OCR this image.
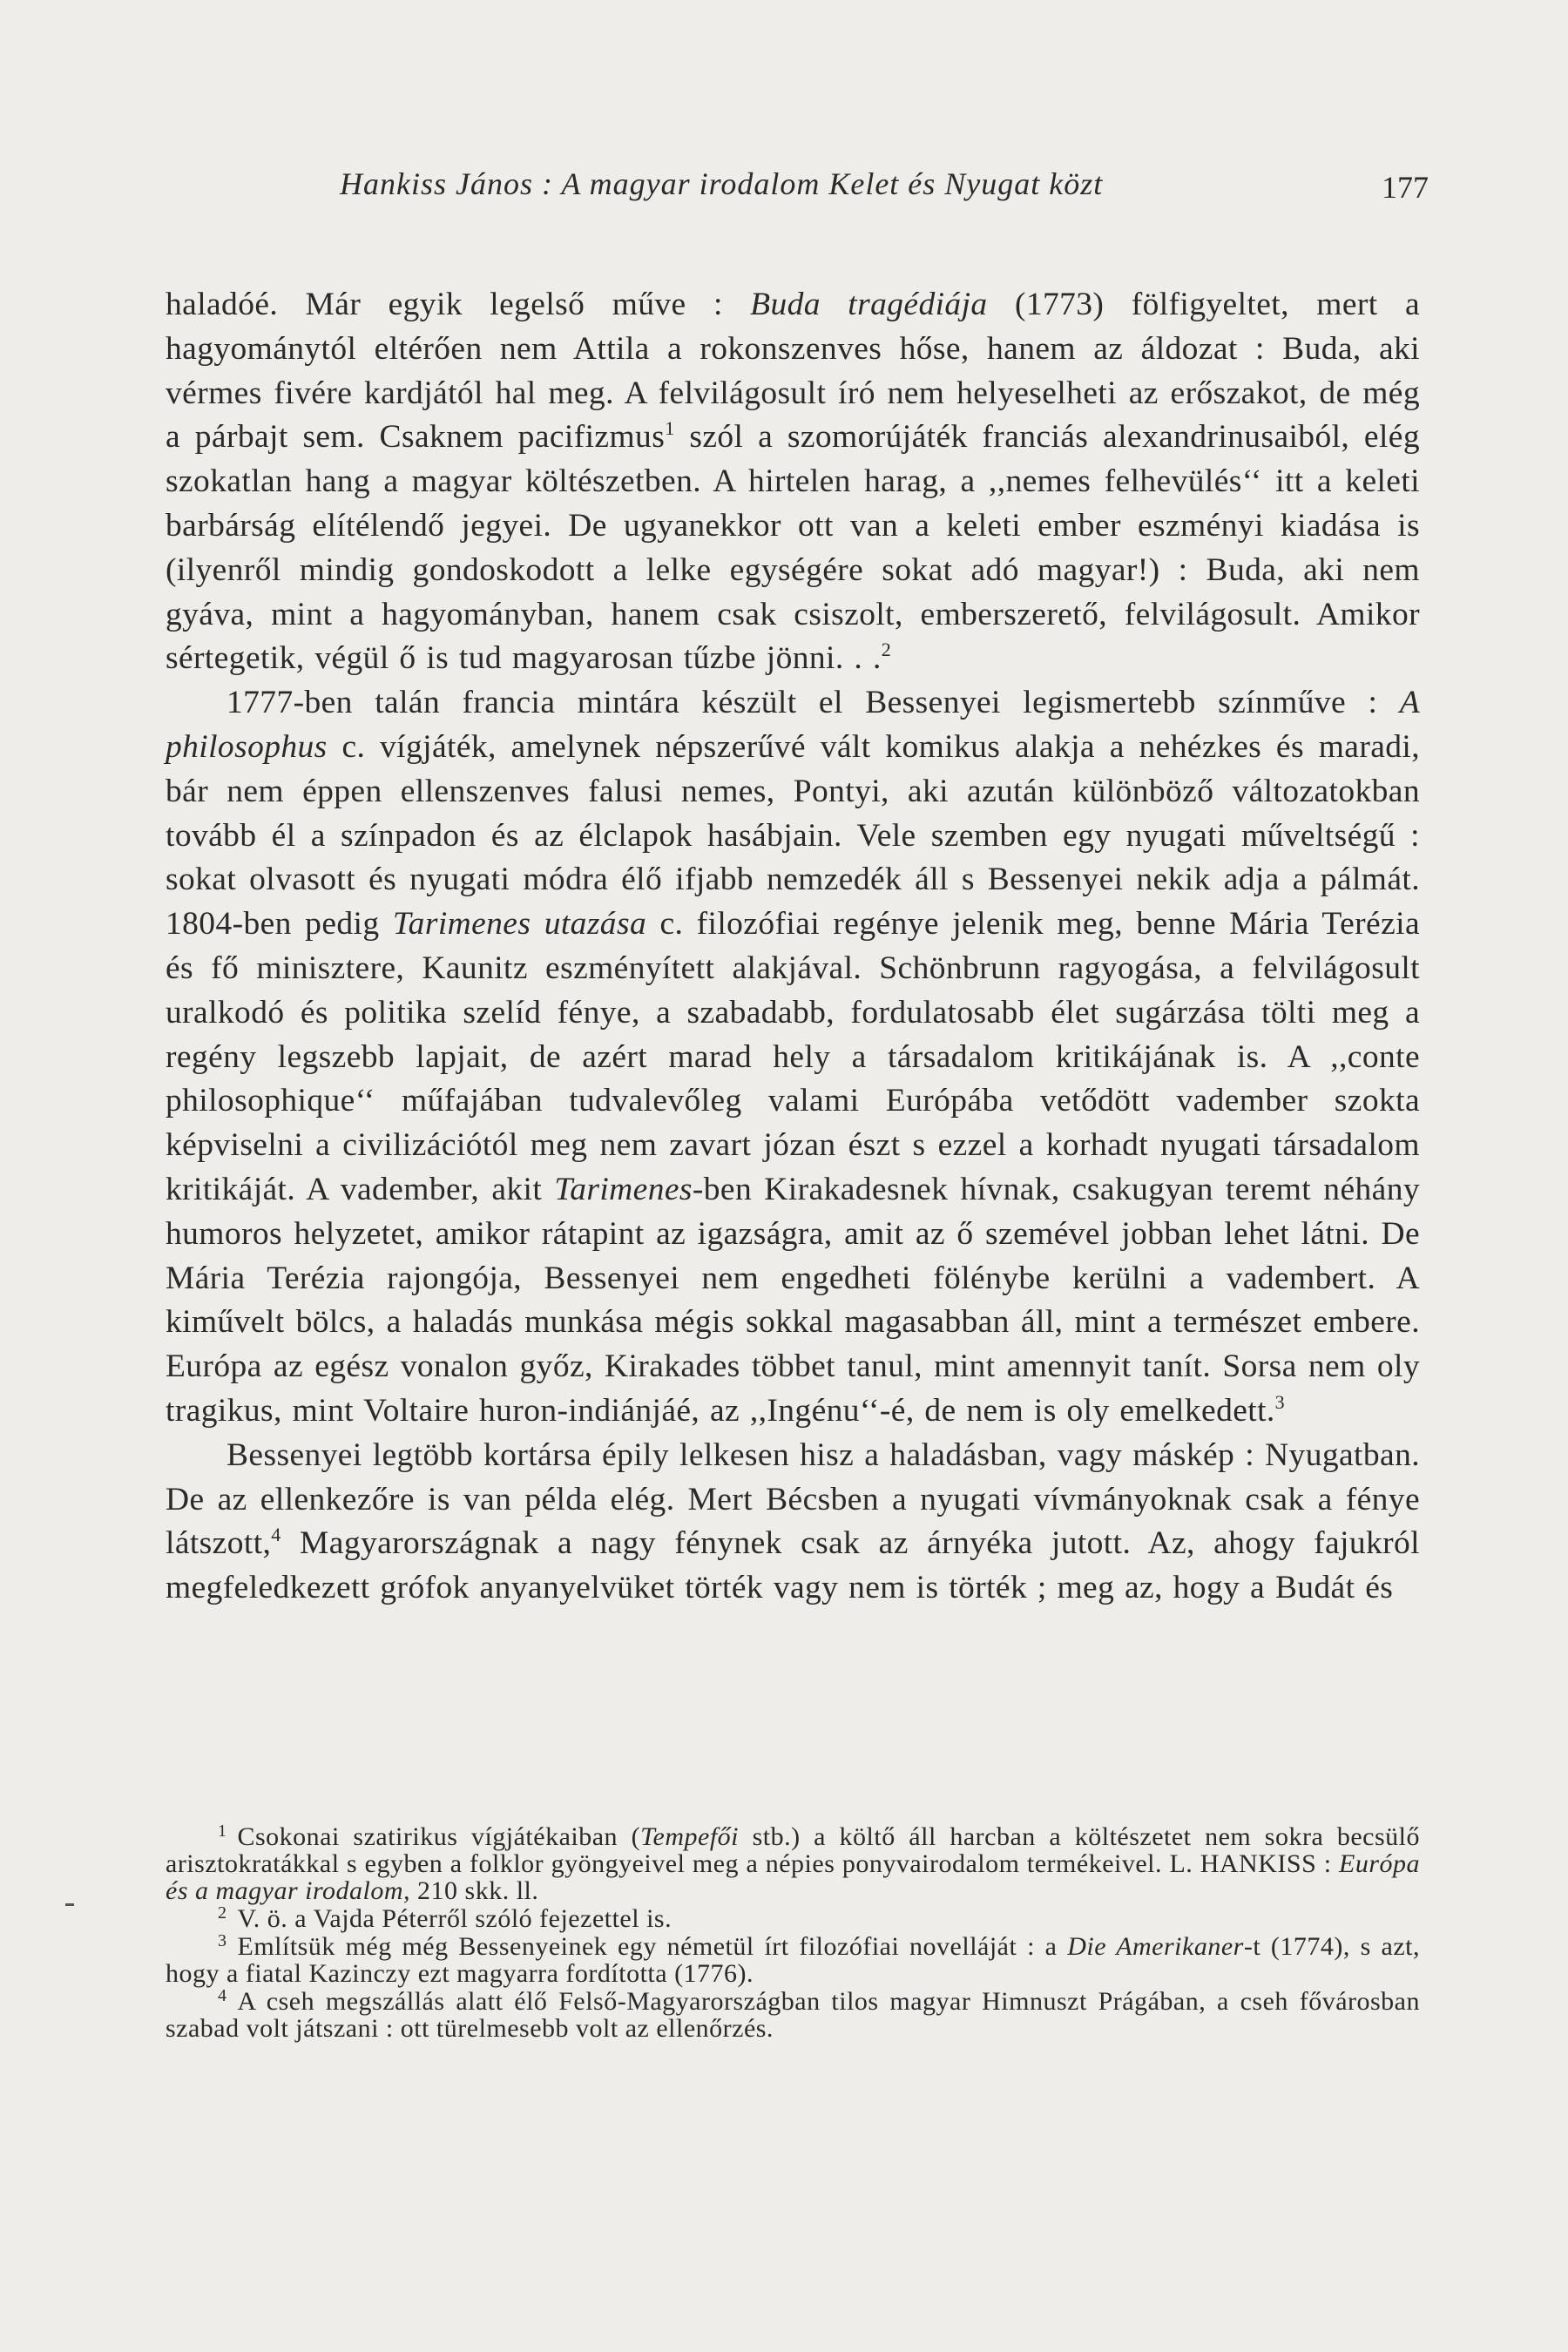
Hankiss János : A magyar irodalom Kelet és Nyugat közt	177

haladóé. Már egyik legelső műve : Buda tragédiája (1773) fölfigyeltet, mert a hagyománytól eltérően nem Attila a rokonszenves hőse, hanem az áldozat : Buda, aki vérmes fivére kardjától hal meg. A felvilágosult író nem helyeselheti az erőszakot, de még a párbajt sem. Csaknem pacifizmus$^1$ szól a szomorújáték franciás alexandrinusaiból, elég szokatlan hang a magyar költészetben. A hirtelen harag, a ,,nemes felhevülés‘‘ itt a keleti barbárság elítélendő jegyei. De ugyanekkor ott van a keleti ember eszményi kiadása is (ilyenről mindig gondoskodott a lelke egységére sokat adó magyar!) : Buda, aki nem gyáva, mint a hagyományban, hanem csak csiszolt, emberszerető, felvilágosult. Amikor sértegetik, végül ő is tud magyarosan tűzbe jönni. . .$^2$

1777-ben talán francia mintára készült el Bessenyei legismertebb színműve : A philosophus c. vígjáték, amelynek népszerűvé vált komikus alakja a nehézkes és maradi, bár nem éppen ellenszenves falusi nemes, Pontyi, aki azután különböző változatokban tovább él a színpadon és az élclapok hasábjain. Vele szemben egy nyugati műveltségű : sokat olvasott és nyugati módra élő ifjabb nemzedék áll s Bessenyei nekik adja a pálmát. 1804-ben pedig Tarimenes utazása c. filozófiai regénye jelenik meg, benne Mária Terézia és fő minisztere, Kaunitz eszményített alakjával. Schönbrunn ragyogása, a felvilágosult uralkodó és politika szelíd fénye, a szabadabb, fordulatosabb élet sugárzása tölti meg a regény legszebb lapjait, de azért marad hely a társadalom kritikájának is. A ,,conte philosophique‘‘ műfajában tudvalevőleg valami Európába vetődött vadember szokta képviselni a civilizációtól meg nem zavart józan észt s ezzel a korhadt nyugati társadalom kritikáját. A vadember, akit Tarimenes-ben Kirakadesnek hívnak, csakugyan teremt néhány humoros helyzetet, amikor rátapint az igazságra, amit az ő szemével jobban lehet látni. De Mária Terézia rajongója, Bessenyei nem engedheti fölénybe kerülni a vadembert. A kiművelt bölcs, a haladás munkása mégis sokkal magasabban áll, mint a természet embere. Európa az egész vonalon győz, Kirakades többet tanul, mint amennyit tanít. Sorsa nem oly tragikus, mint Voltaire huron-indiánjáé, az ,,Ingénu‘‘-é, de nem is oly emelkedett.$^3$

Bessenyei legtöbb kortársa épily lelkesen hisz a haladásban, vagy máskép : Nyugatban. De az ellenkezőre is van példa elég. Mert Bécsben a nyugati vívmányoknak csak a fénye látszott,$^4$ Magyarországnak a nagy fénynek csak az árnyéka jutott. Az, ahogy fajukról megfeledkezett grófok anyanyelvüket törték vagy nem is törték ; meg az, hogy a Budát és

$^1$ Csokonai szatirikus vígjátékaiban (Tempefői stb.) a költő áll harcban a költészetet nem sokra becsülő arisztokratákkal s egyben a folklor gyöngyeivel meg a népies ponyvairodalom termékeivel. L. HANKISS : Európa és a magyar irodalom, 210 skk. ll.

$^2$ V. ö. a Vajda Péterről szóló fejezettel is.

$^3$ Említsük még még Bessenyeinek egy németül írt filozófiai novelláját : a Die Amerikaner-t (1774), s azt, hogy a fiatal Kazinczy ezt magyarra fordította (1776).

$^4$ A cseh megszállás alatt élő Felső-Magyarországban tilos magyar Himnuszt Prágában, a cseh fővárosban szabad volt játszani : ott türelmesebb volt az ellenőrzés.
